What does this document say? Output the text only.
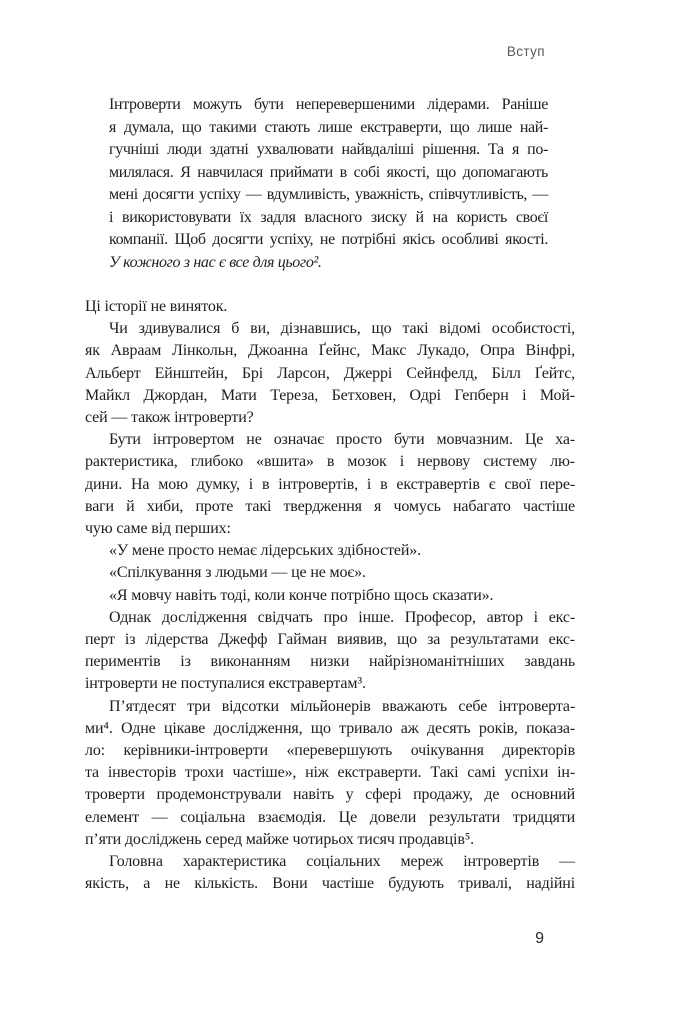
Вступ
Інтроверти можуть бути неперевершеними лідерами. Раніше
я думала, що такими стають лише екстраверти, що лише най-
гучніші люди здатні ухвалювати найвдаліші рішення. Та я по-
милялася. Я навчилася приймати в собі якості, що допомагають
мені досягти успіху — вдумливість, уважність, співчутливість, —
і використовувати їх задля власного зиску й на користь своєї
компанії. Щоб досягти успіху, не потрібні якісь особливі якості.
У кожного з нас є все для цього².
Ці історії не виняток.
Чи здивувалися б ви, дізнавшись, що такі відомі особистості,
як Авраам Лінкольн, Джоанна Ґейнс, Макс Лукадо, Опра Вінфрі,
Альберт Ейнштейн, Брі Ларсон, Джеррі Сейнфелд, Білл Ґейтс,
Майкл Джордан, Мати Тереза, Бетховен, Одрі Гепберн і Мой-
сей — також інтроверти?
Бути інтровертом не означає просто бути мовчазним. Це ха-
рактеристика, глибоко «вшита» в мозок і нервову систему лю-
дини. На мою думку, і в інтровертів, і в екстравертів є свої пере-
ваги й хиби, проте такі твердження я чомусь набагато частіше
чую саме від перших:
«У мене просто немає лідерських здібностей».
«Спілкування з людьми — це не моє».
«Я мовчу навіть тоді, коли конче потрібно щось сказати».
Однак дослідження свідчать про інше. Професор, автор і екс-
перт із лідерства Джефф Гайман виявив, що за результатами екс-
периментів із виконанням низки найрізноманітніших завдань
інтроверти не поступалися екстравертам³.
П’ятдесят три відсотки мільйонерів вважають себе інтроверта-
ми⁴. Одне цікаве дослідження, що тривало аж десять років, показа-
ло: керівники-інтроверти «перевершують очікування директорів
та інвесторів трохи частіше», ніж екстраверти. Такі самі успіхи ін-
троверти продемонстрували навіть у сфері продажу, де основний
елемент — соціальна взаємодія. Це довели результати тридцяти
п’яти досліджень серед майже чотирьох тисяч продавців⁵.
Головна характеристика соціальних мереж інтровертів —
якість, а не кількість. Вони частіше будують тривалі, надійні
9
